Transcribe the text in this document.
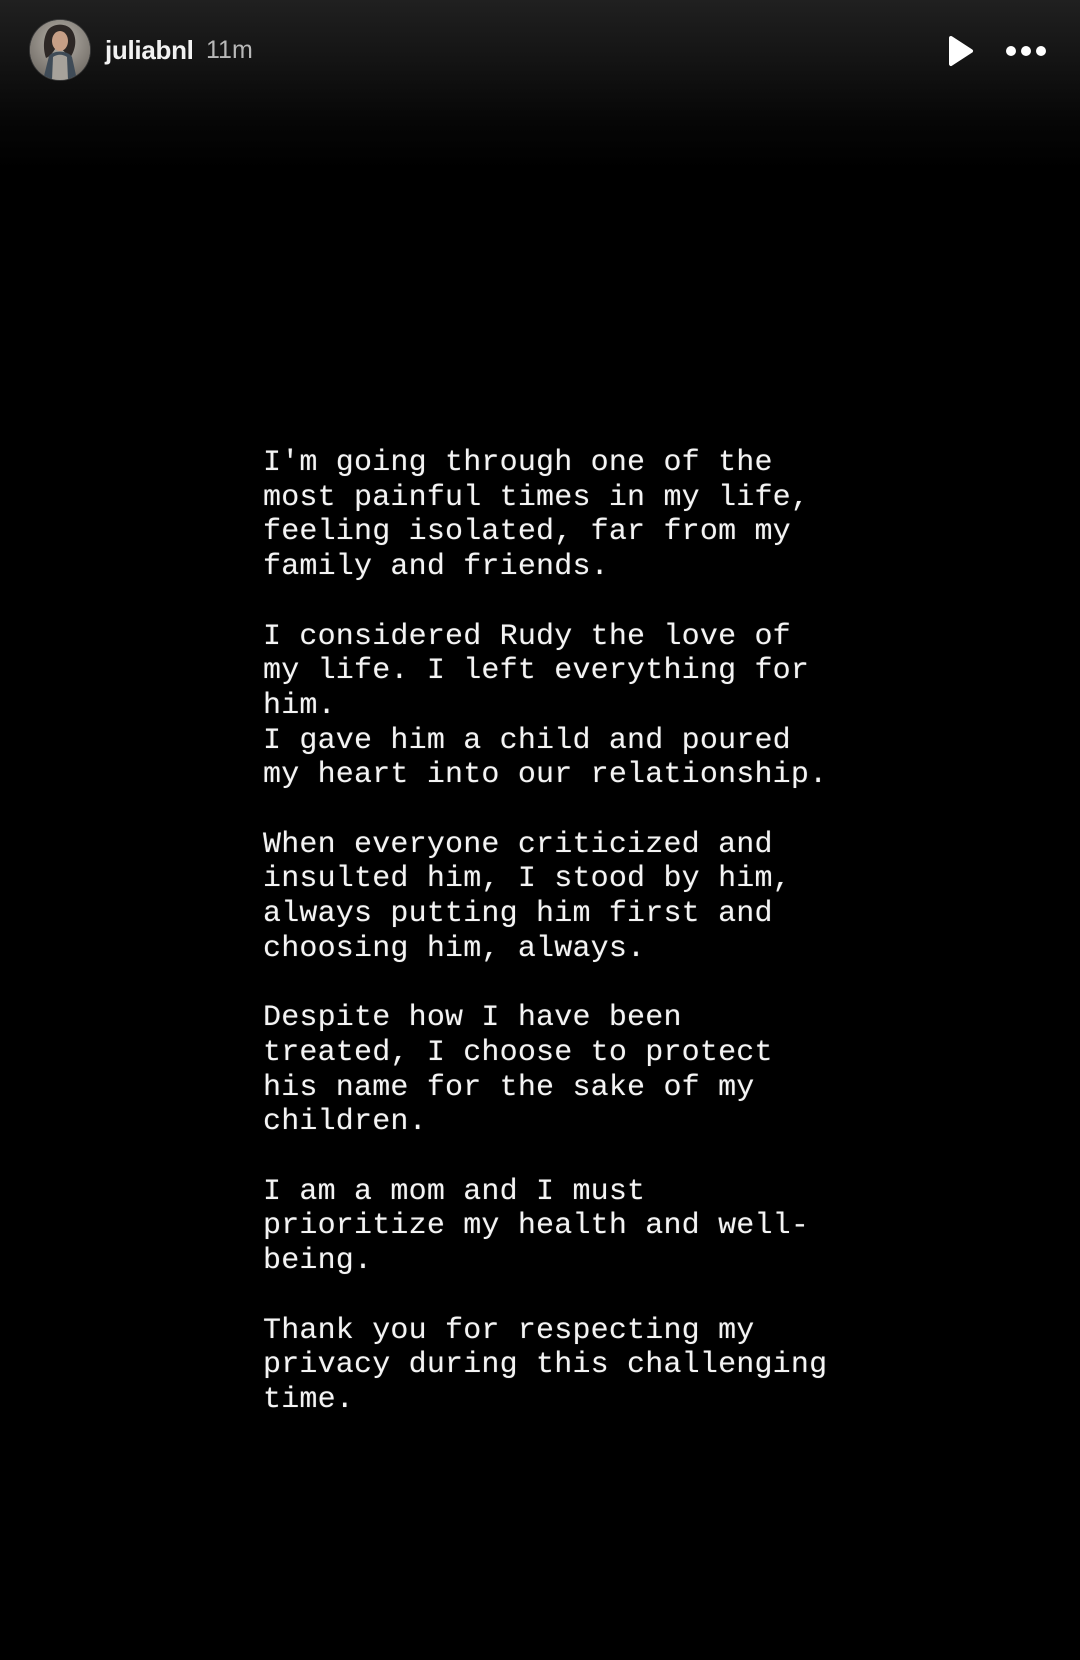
juliabnl 11m

I'm going through one of the
most painful times in my life,
feeling isolated, far from my
family and friends.

I considered Rudy the love of
my life. I left everything for
him.
I gave him a child and poured
my heart into our relationship.

When everyone criticized and
insulted him, I stood by him,
always putting him first and
choosing him, always.

Despite how I have been
treated, I choose to protect
his name for the sake of my
children.

I am a mom and I must
prioritize my health and well-
being.

Thank you for respecting my
privacy during this challenging
time.
